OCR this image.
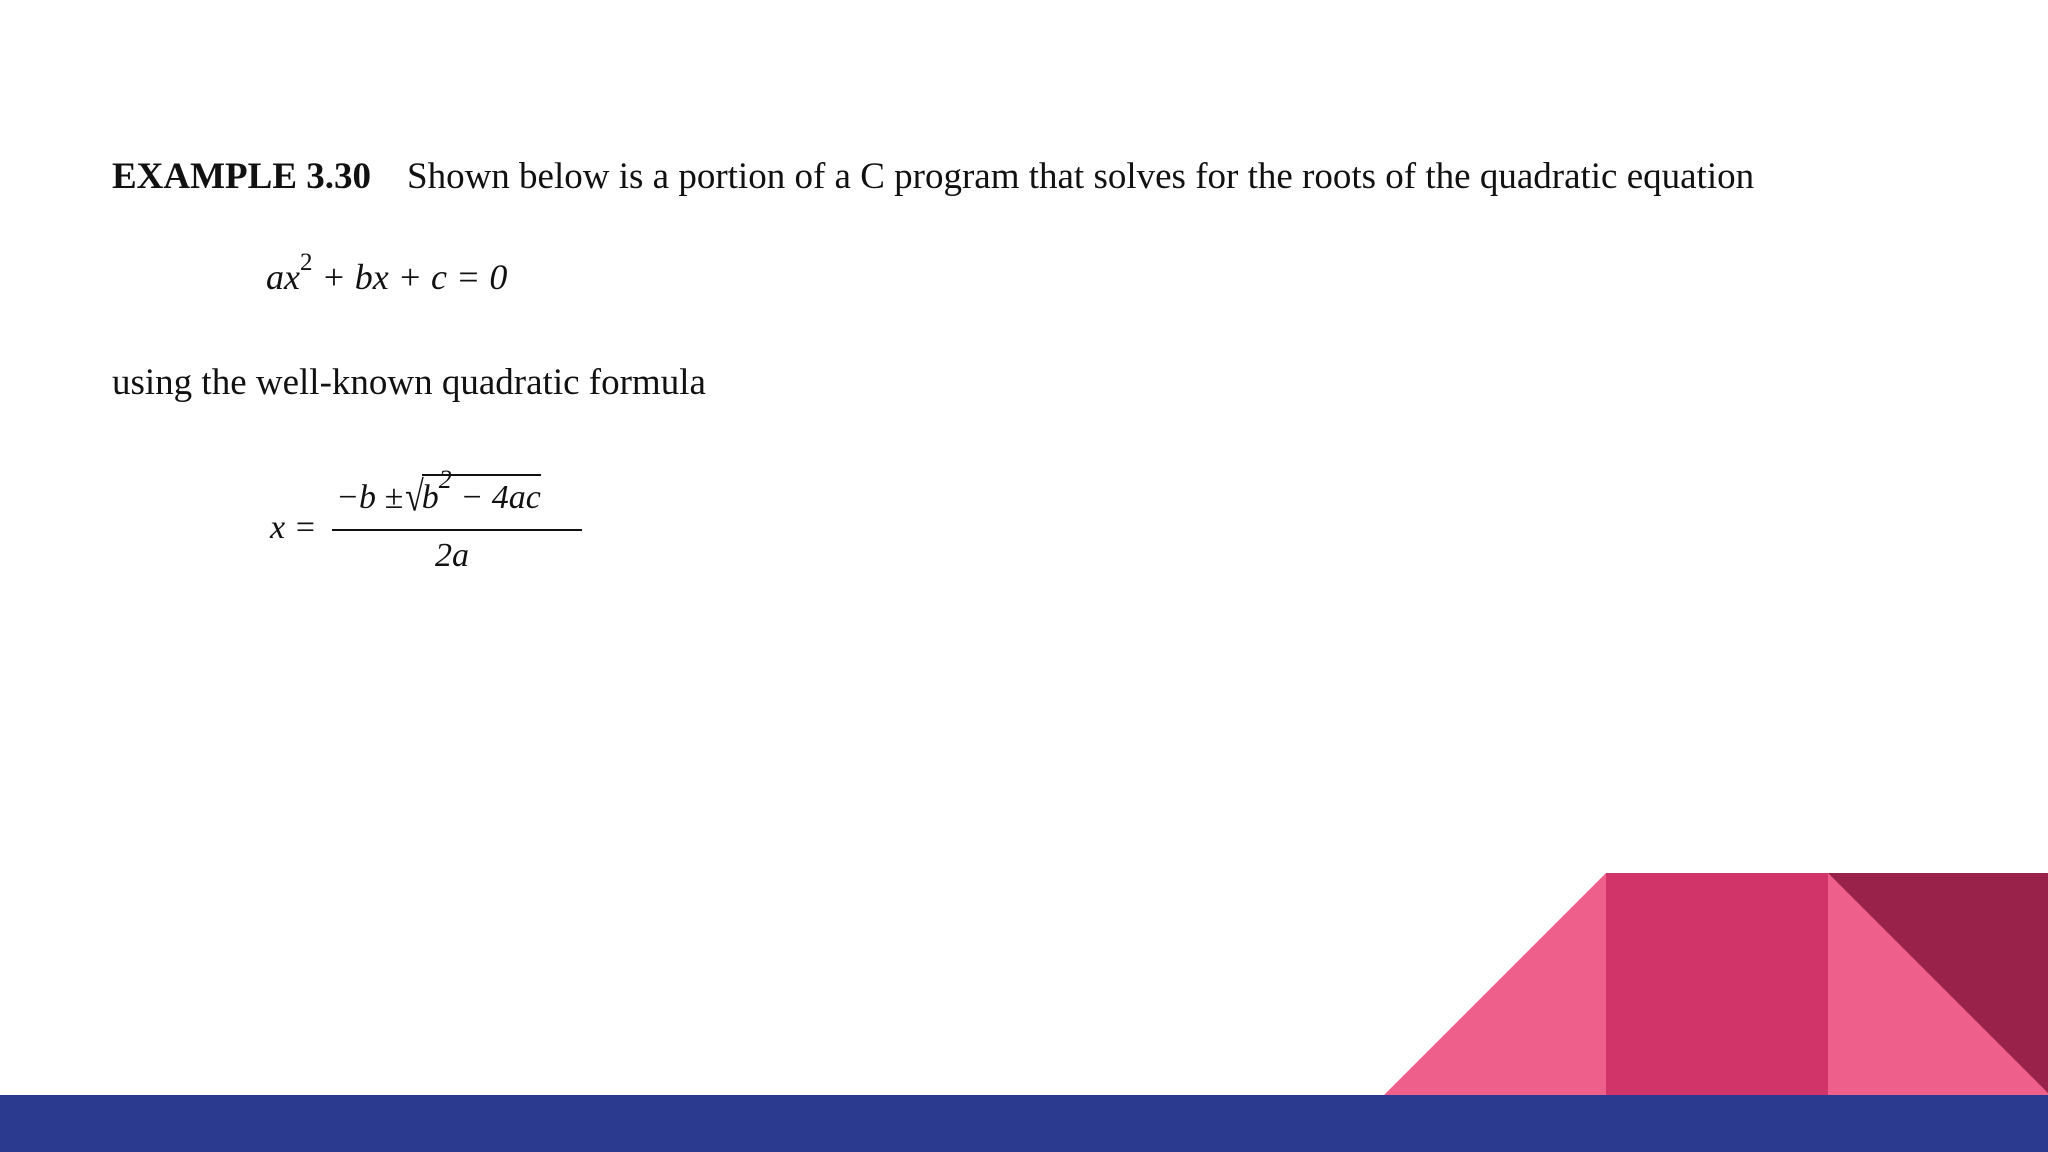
EXAMPLE 3.30 Shown below is a portion of a C program that solves for the roots of the quadratic equation
$ax^2$ + bx + c = 0
using the well-known quadratic formula
x =
$-b \pm√b^2 - 4ac$
2a
